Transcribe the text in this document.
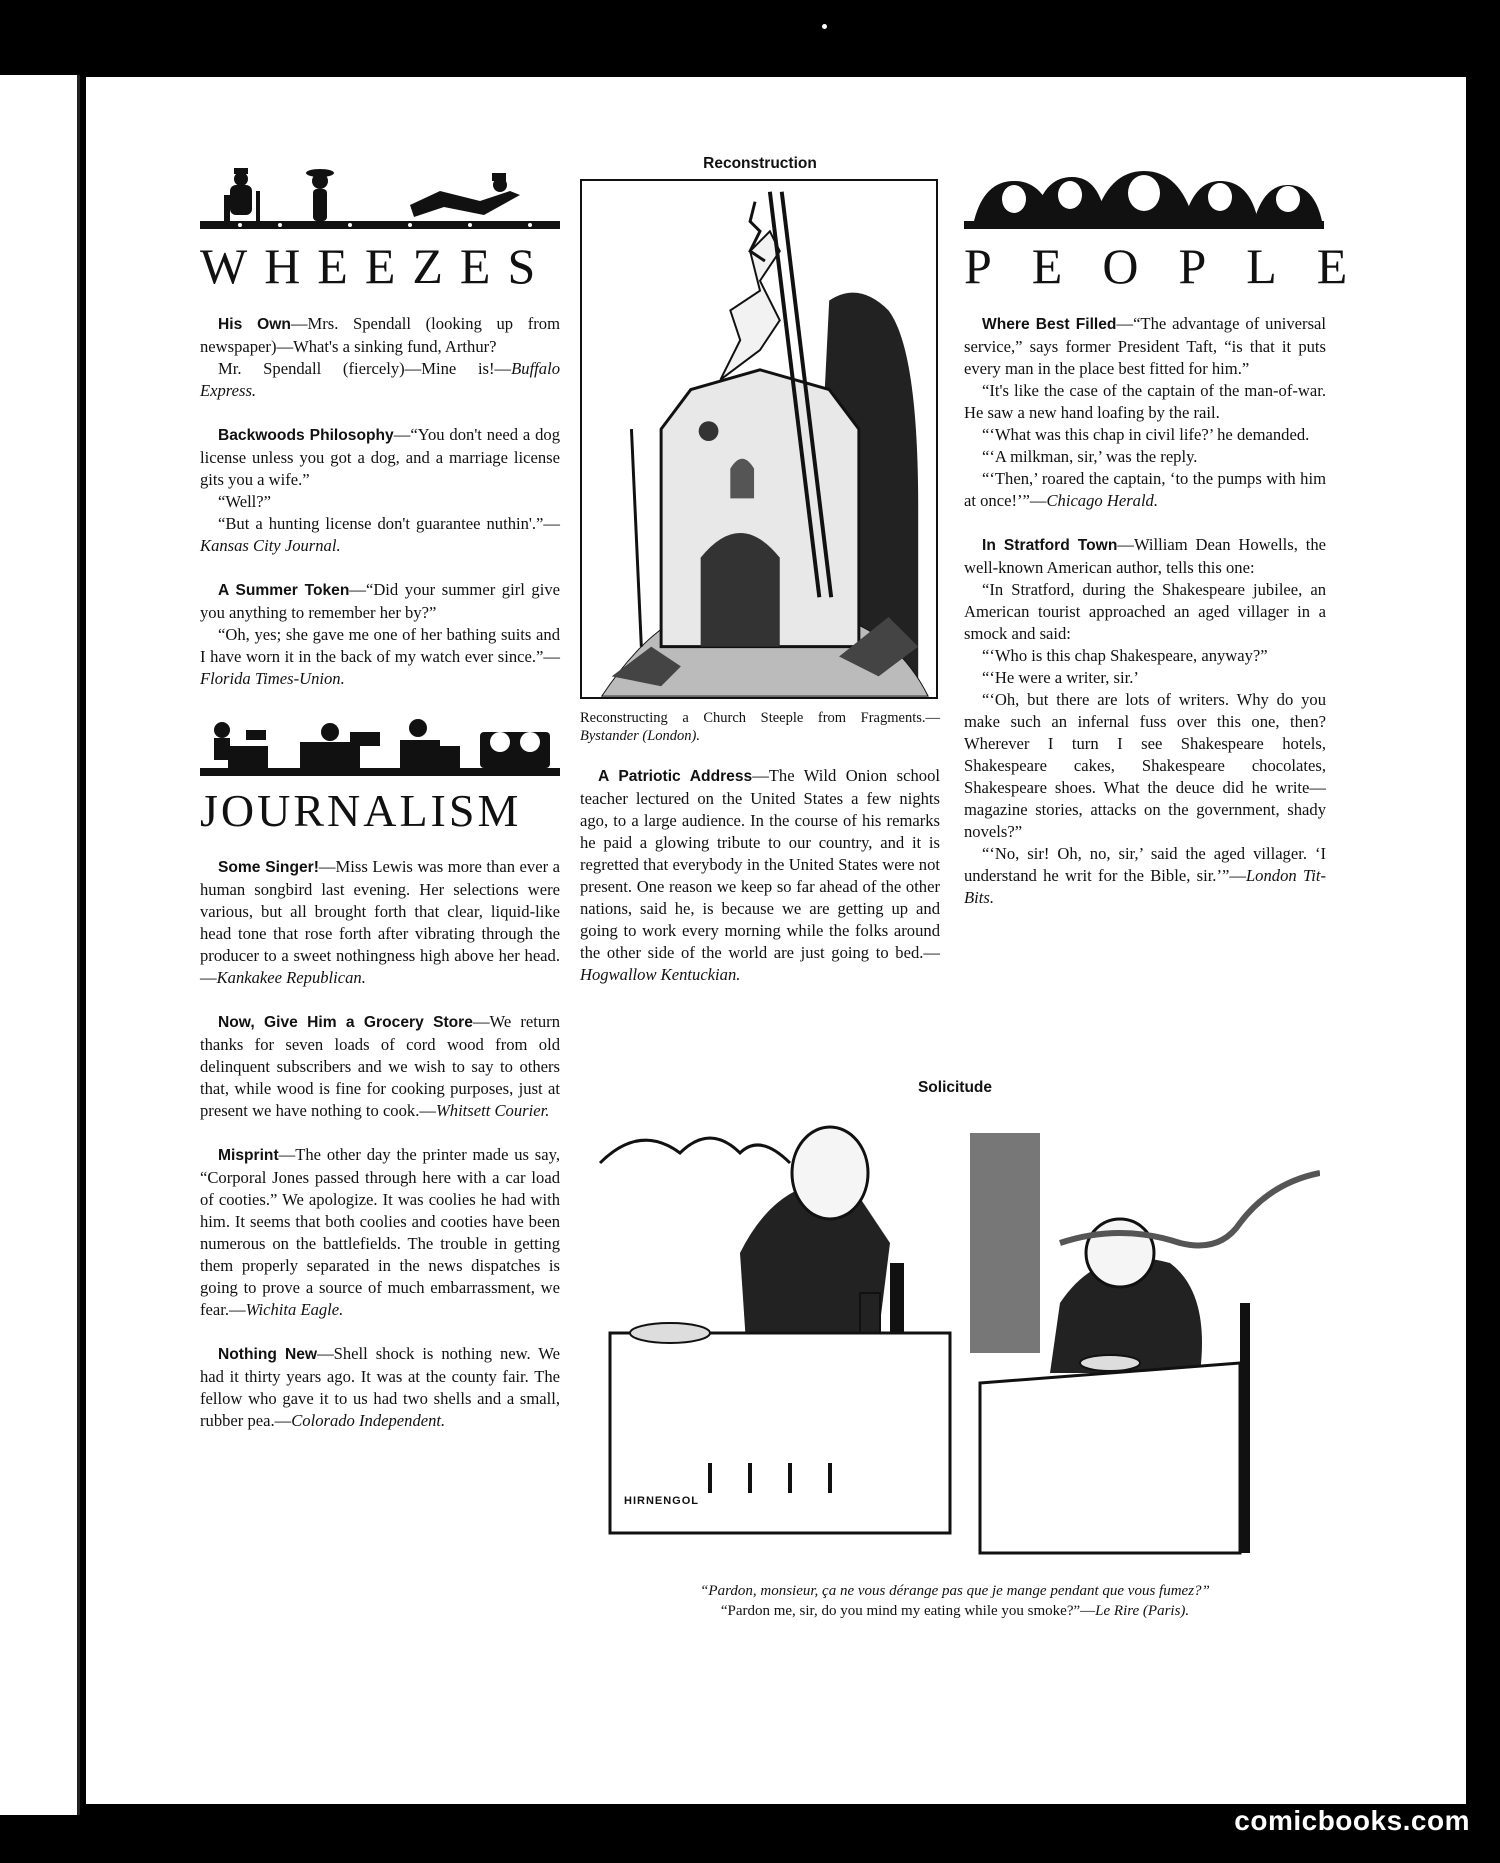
WHEEZES

His Own—Mrs. Spendall (looking up from newspaper)—What's a sinking fund, Arthur?

Mr. Spendall (fiercely)—Mine is!—Buffalo Express.

Backwoods Philosophy—“You don't need a dog license unless you got a dog, and a marriage license gits you a wife.”

“Well?”

“But a hunting license don't guarantee nuthin'.”—Kansas City Journal.

A Summer Token—“Did your summer girl give you anything to remember her by?”

“Oh, yes; she gave me one of her bathing suits and I have worn it in the back of my watch ever since.”—Florida Times-Union.

JOURNALISM

Some Singer!—Miss Lewis was more than ever a human songbird last evening. Her selections were various, but all brought forth that clear, liquid-like head tone that rose forth after vibrating through the producer to a sweet nothingness high above her head.—Kankakee Republican.

Now, Give Him a Grocery Store—We return thanks for seven loads of cord wood from old delinquent subscribers and we wish to say to others that, while wood is fine for cooking purposes, just at present we have nothing to cook.—Whitsett Courier.

Misprint—The other day the printer made us say, “Corporal Jones passed through here with a car load of cooties.” We apologize. It was coolies he had with him. It seems that both coolies and cooties have been numerous on the battlefields. The trouble in getting them properly separated in the news dispatches is going to prove a source of much embarrassment, we fear.—Wichita Eagle.

Nothing New—Shell shock is nothing new. We had it thirty years ago. It was at the county fair. The fellow who gave it to us had two shells and a small, rubber pea.—Colorado Independent.

Reconstruction

Reconstructing a Church Steeple from Fragments.—Bystander (London).

A Patriotic Address—The Wild Onion school teacher lectured on the United States a few nights ago, to a large audience. In the course of his remarks he paid a glowing tribute to our country, and it is regretted that everybody in the United States were not present. One reason we keep so far ahead of the other nations, said he, is because we are getting up and going to work every morning while the folks around the other side of the world are just going to bed.—Hogwallow Kentuckian.

PEOPLE

Where Best Filled—“The advantage of universal service,” says former President Taft, “is that it puts every man in the place best fitted for him.”

“It's like the case of the captain of the man-of-war. He saw a new hand loafing by the rail.

“‘What was this chap in civil life?’ he demanded.

“‘A milkman, sir,’ was the reply.

“‘Then,’ roared the captain, ‘to the pumps with him at once!’”—Chicago Herald.

In Stratford Town—William Dean Howells, the well-known American author, tells this one:

“In Stratford, during the Shakespeare jubilee, an American tourist approached an aged villager in a smock and said:

“‘Who is this chap Shakespeare, anyway?”

“‘He were a writer, sir.’

“‘Oh, but there are lots of writers. Why do you make such an infernal fuss over this one, then? Wherever I turn I see Shakespeare hotels, Shakespeare cakes, Shakespeare chocolates, Shakespeare shoes. What the deuce did he write—magazine stories, attacks on the government, shady novels?”

“‘No, sir! Oh, no, sir,’ said the aged villager. ‘I understand he writ for the Bible, sir.’”—London Tit-Bits.

Solicitude
HIRNENGOL
“Pardon, monsieur, ça ne vous dérange pas que je mange pendant que vous fumez?”
“Pardon me, sir, do you mind my eating while you smoke?”—Le Rire (Paris).
comicbooks.com
